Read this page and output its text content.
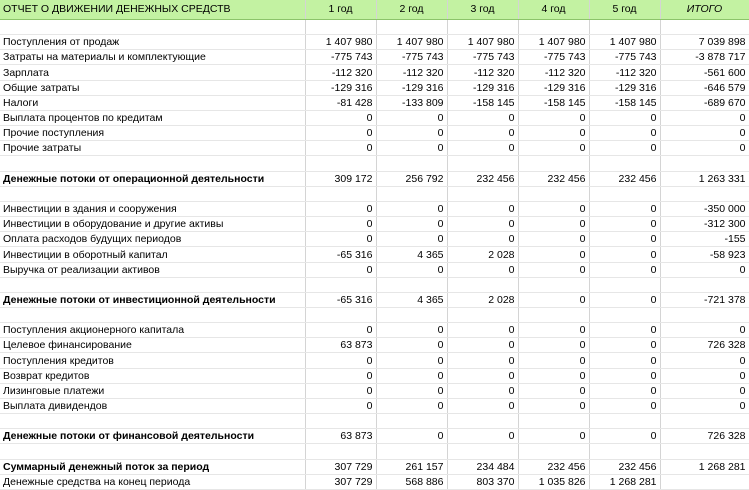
ОТЧЕТ О ДВИЖЕНИИ ДЕНЕЖНЫХ СРЕДСТВ	1 год	2 год	3 год	4 год	5 год	ИТОГО

Поступления от продаж	1 407 980	1 407 980	1 407 980	1 407 980	1 407 980	7 039 898
Затраты на материалы и комплектующие	-775 743	-775 743	-775 743	-775 743	-775 743	-3 878 717
Зарплата	-112 320	-112 320	-112 320	-112 320	-112 320	-561 600
Общие затраты	-129 316	-129 316	-129 316	-129 316	-129 316	-646 579
Налоги	-81 428	-133 809	-158 145	-158 145	-158 145	-689 670
Выплата процентов по кредитам	0	0	0	0	0	0
Прочие поступления	0	0	0	0	0	0
Прочие затраты	0	0	0	0	0	0

Денежные потоки от операционной деятельности	309 172	256 792	232 456	232 456	232 456	1 263 331

Инвестиции в здания и сооружения	0	0	0	0	0	-350 000
Инвестиции в оборудование и другие активы	0	0	0	0	0	-312 300
Оплата расходов будущих периодов	0	0	0	0	0	-155
Инвестиции в оборотный капитал	-65 316	4 365	2 028	0	0	-58 923
Выручка от реализации активов	0	0	0	0	0	0

Денежные потоки от инвестиционной деятельности	-65 316	4 365	2 028	0	0	-721 378

Поступления акционерного капитала	0	0	0	0	0	0
Целевое финансирование	63 873	0	0	0	0	726 328
Поступления кредитов	0	0	0	0	0	0
Возврат кредитов	0	0	0	0	0	0
Лизинговые платежи	0	0	0	0	0	0
Выплата дивидендов	0	0	0	0	0	0

Денежные потоки от финансовой деятельности	63 873	0	0	0	0	726 328

Суммарный денежный поток за период	307 729	261 157	234 484	232 456	232 456	1 268 281
Денежные средства на конец периода	307 729	568 886	803 370	1 035 826	1 268 281	
